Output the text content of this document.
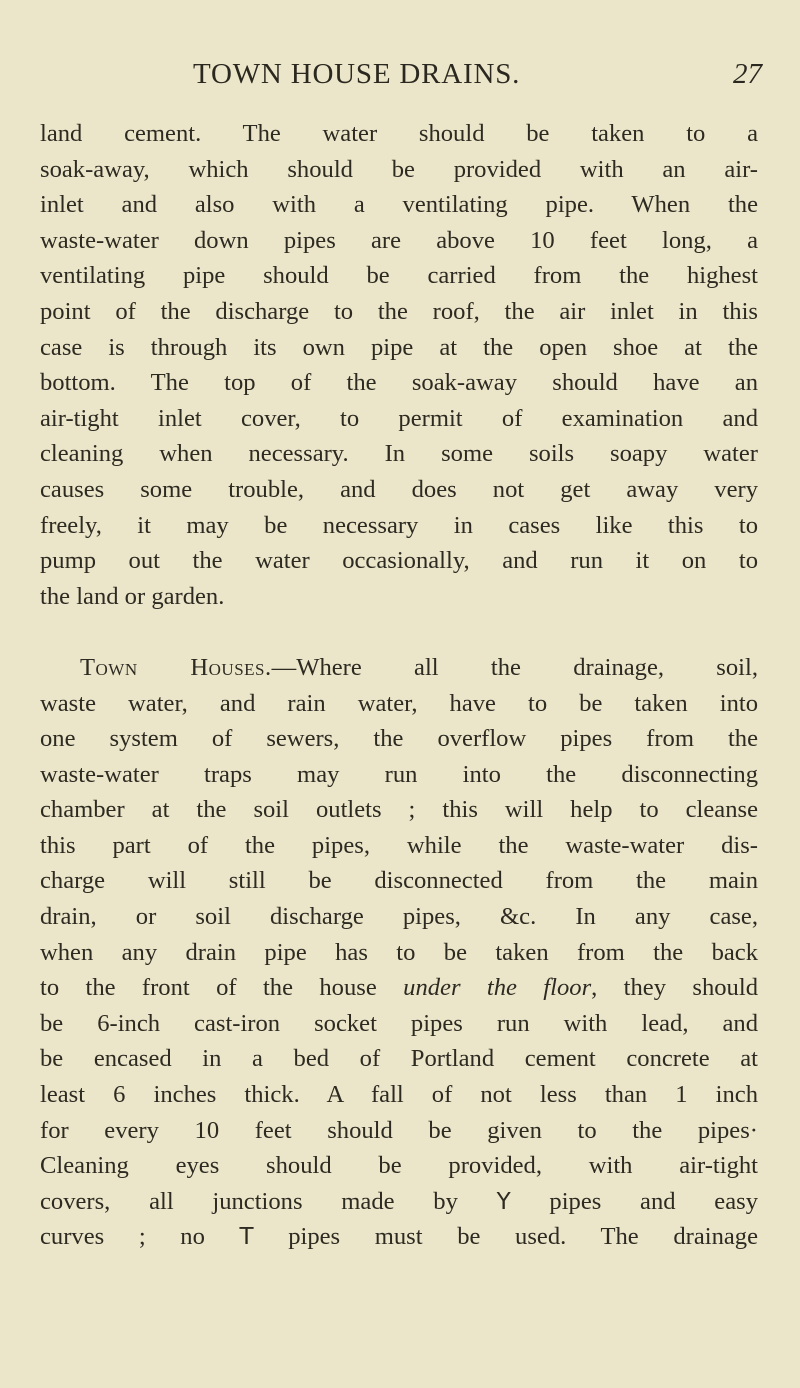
TOWN HOUSE DRAINS.	27
land cement. The water should be taken to a
soak-away, which should be provided with an air-
inlet and also with a ventilating pipe. When the
waste-water down pipes are above 10 feet long, a
ventilating pipe should be carried from the highest
point of the discharge to the roof, the air inlet in this
case is through its own pipe at the open shoe at the
bottom. The top of the soak-away should have an
air-tight inlet cover, to permit of examination and
cleaning when necessary. In some soils soapy water
causes some trouble, and does not get away very
freely, it may be necessary in cases like this to
pump out the water occasionally, and run it on to
the land or garden.
Town Houses.—Where all the drainage, soil,
waste water, and rain water, have to be taken into
one system of sewers, the overflow pipes from the
waste-water traps may run into the disconnecting
chamber at the soil outlets ; this will help to cleanse
this part of the pipes, while the waste-water dis-
charge will still be disconnected from the main
drain, or soil discharge pipes, &c. In any case,
when any drain pipe has to be taken from the back
to the front of the house under the floor, they should
be 6-inch cast-iron socket pipes run with lead, and
be encased in a bed of Portland cement concrete at
least 6 inches thick. A fall of not less than 1 inch
for every 10 feet should be given to the pipes·
Cleaning eyes should be provided, with air-tight
covers, all junctions made by Y pipes and easy
curves ; no T pipes must be used. The drainage
